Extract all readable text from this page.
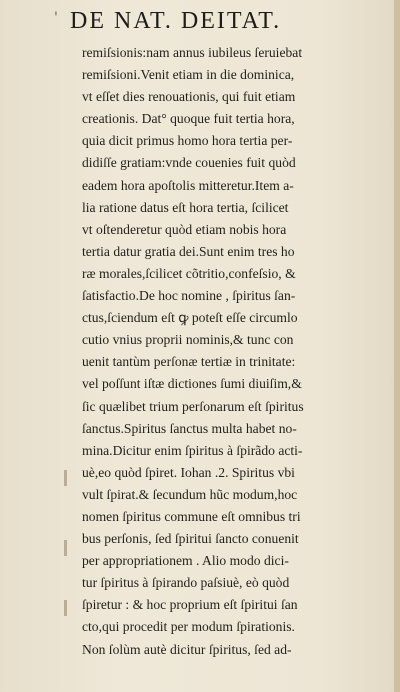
' DE NAT. DEITAT.
remiſsionis:nam annus iubileus ſeruiebat
remiſsioni.Venit etiam in die dominica,
vt eſſet dies renouationis, qui fuit etiam
creationis. Dat° quoque fuit tertia hora,
quia dicit primus homo hora tertia per-
didiſſe gratiam:vnde couenies fuit quòd
eadem hora apoſtolis mitteretur.Item a-
lia ratione datus eſt hora tertia, ſcilicet
vt oſtenderetur quòd etiam nobis hora
tertia datur gratia dei.Sunt enim tres ho
ræ morales,ſcilicet cõtritio,confeſsio, &
ſatisfactio.De hoc nomine , ſpiritus ſan-
ctus,ſciendum eſt ꝙ poteſt eſſe circumlo
cutio vnius proprii nominis,& tunc con
uenit tantùm perſonæ tertiæ in trinitate:
vel poſſunt iſtæ dictiones ſumi diuiſim,&
ſic quælibet trium perſonarum eſt ſpiritus
ſanctus.Spiritus ſanctus multa habet no-
mina.Dicitur enim ſpiritus à ſpirãdo acti-
uè,eo quòd ſpiret. Iohan .2. Spiritus vbi
vult ſpirat.& ſecundum hũc modum,hoc
nomen ſpiritus commune eſt omnibus tri
bus perſonis, ſed ſpiritui ſancto conuenit
per appropriationem . Alio modo dici-
tur ſpiritus à ſpirando paſsiuè, eò quòd
ſpiretur : & hoc proprium eſt ſpiritui ſan
cto,qui procedit per modum ſpirationis.
Non ſolùm autè dicitur ſpiritus, ſed ad-
